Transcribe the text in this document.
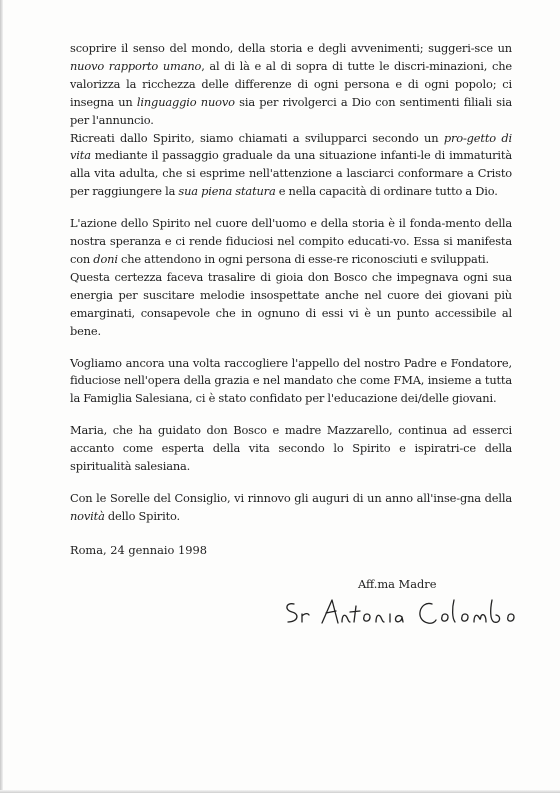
scoprire il senso del mondo, della storia e degli avvenimenti; suggeri-sce un nuovo rapporto umano, al di là e al di sopra di tutte le discri-minazioni, che valorizza la ricchezza delle differenze di ogni persona e di ogni popolo; ci insegna un linguaggio nuovo sia per rivolgerci a Dio con sentimenti filiali sia per l'annuncio.

Ricreati dallo Spirito, siamo chiamati a svilupparci secondo un pro-getto di vita mediante il passaggio graduale da una situazione infanti-le di immaturità alla vita adulta, che si esprime nell'attenzione a lasciarci conformare a Cristo per raggiungere la sua piena statura e nella capacità di ordinare tutto a Dio.

L'azione dello Spirito nel cuore dell'uomo e della storia è il fonda-mento della nostra speranza e ci rende fiduciosi nel compito educati-vo. Essa si manifesta con doni che attendono in ogni persona di esse-re riconosciuti e sviluppati.

Questa certezza faceva trasalire di gioia don Bosco che impegnava ogni sua energia per suscitare melodie insospettate anche nel cuore dei giovani più emarginati, consapevole che in ognuno di essi vi è un punto accessibile al bene.

Vogliamo ancora una volta raccogliere l'appello del nostro Padre e Fondatore, fiduciose nell'opera della grazia e nel mandato che come FMA, insieme a tutta la Famiglia Salesiana, ci è stato confidato per l'educazione dei/delle giovani.

Maria, che ha guidato don Bosco e madre Mazzarello, continua ad esserci accanto come esperta della vita secondo lo Spirito e ispiratri-ce della spiritualità salesiana.

Con le Sorelle del Consiglio, vi rinnovo gli auguri di un anno all'inse-gna della novità dello Spirito.

Roma, 24 gennaio 1998
Aff.ma Madre
